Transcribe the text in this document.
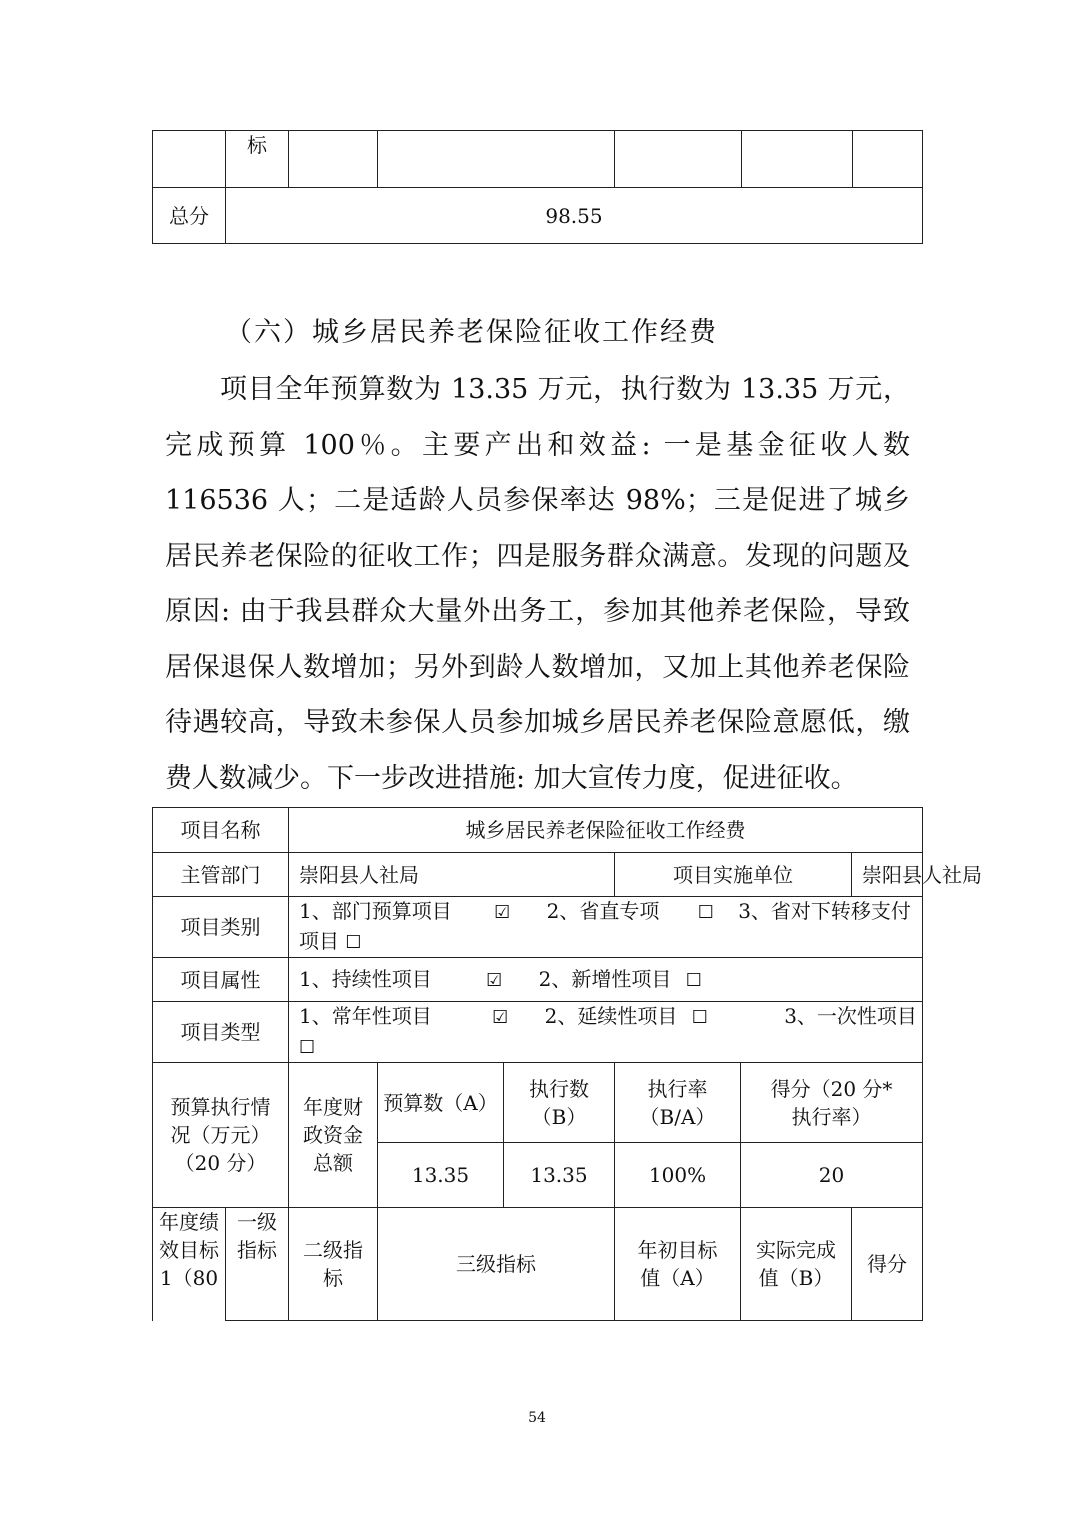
	标					
总分	98.55					
（六）城乡居民养老保险征收工作经费

项目全年预算数为 13.35 万元，执行数为 13.35 万元，完成预算 100％。主要产出和效益: 一是基金征收人数 116536 人；二是适龄人员参保率达 98%；三是促进了城乡居民养老保险的征收工作；四是服务群众满意。发现的问题及原因: 由于我县群众大量外出务工，参加其他养老保险，导致居保退保人数增加；另外到龄人数增加，又加上其他养老保险待遇较高，导致未参保人员参加城乡居民养老保险意愿低，缴费人数减少。下一步改进措施: 加大宣传力度，促进征收。

项目名称		城乡居民养老保险征收工作经费					
主管部门		崇阳县人社局			项目实施单位		崇阳县人社局
项目类别		1、部门预算项目 ☑ 2、省直专项 ☐ 3、省对下转移支付项目 ☐					
项目属性		1、持续性项目 ☑ 2、新增性项目 ☐					
项目类型		1、常年性项目 ☑ 2、延续性项目 ☐ 3、一次性项目 ☐					
预算执行情况（万元）（20 分）		年度财政资金总额	预算数（A）	执行数（B）	执行率（B/A）	得分（20 分*执行率）	
			13.35	13.35	100%	20	
年度绩效目标 1（80	一级指标	二级指标	三级指标		年初目标值（A）	实际完成值（B）	得分
54
